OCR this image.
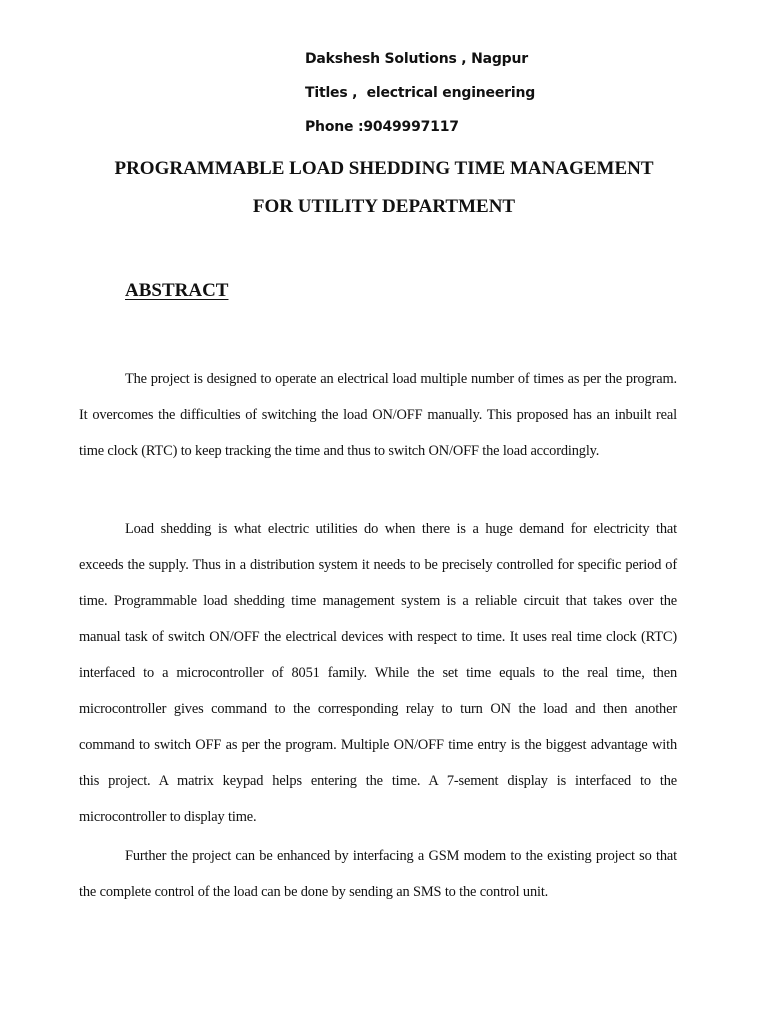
Dakshesh Solutions , Nagpur
Titles ,  electrical engineering
Phone :9049997117
PROGRAMMABLE LOAD SHEDDING TIME MANAGEMENT
FOR UTILITY DEPARTMENT
ABSTRACT

The project is designed to operate an electrical load multiple number of times as per the program. It overcomes the difficulties of switching the load ON/OFF manually. This proposed has an inbuilt real time clock (RTC) to keep tracking the time and thus to switch ON/OFF the load accordingly.

Load shedding is what electric utilities do when there is a huge demand for electricity that exceeds the supply. Thus in a distribution system it needs to be precisely controlled for specific period of time. Programmable load shedding time management system is a reliable circuit that takes over the manual task of switch ON/OFF the electrical devices with respect to time. It uses real time clock (RTC) interfaced to a microcontroller of 8051 family. While the set time equals to the real time, then microcontroller gives command to the corresponding relay to turn ON the load and then another command to switch OFF as per the program. Multiple ON/OFF time entry is the biggest advantage with this project. A matrix keypad helps entering the time. A 7-sement display is interfaced to the microcontroller to display time.

Further the project can be enhanced by interfacing a GSM modem to the existing project so that the complete control of the load can be done by sending an SMS to the control unit.
